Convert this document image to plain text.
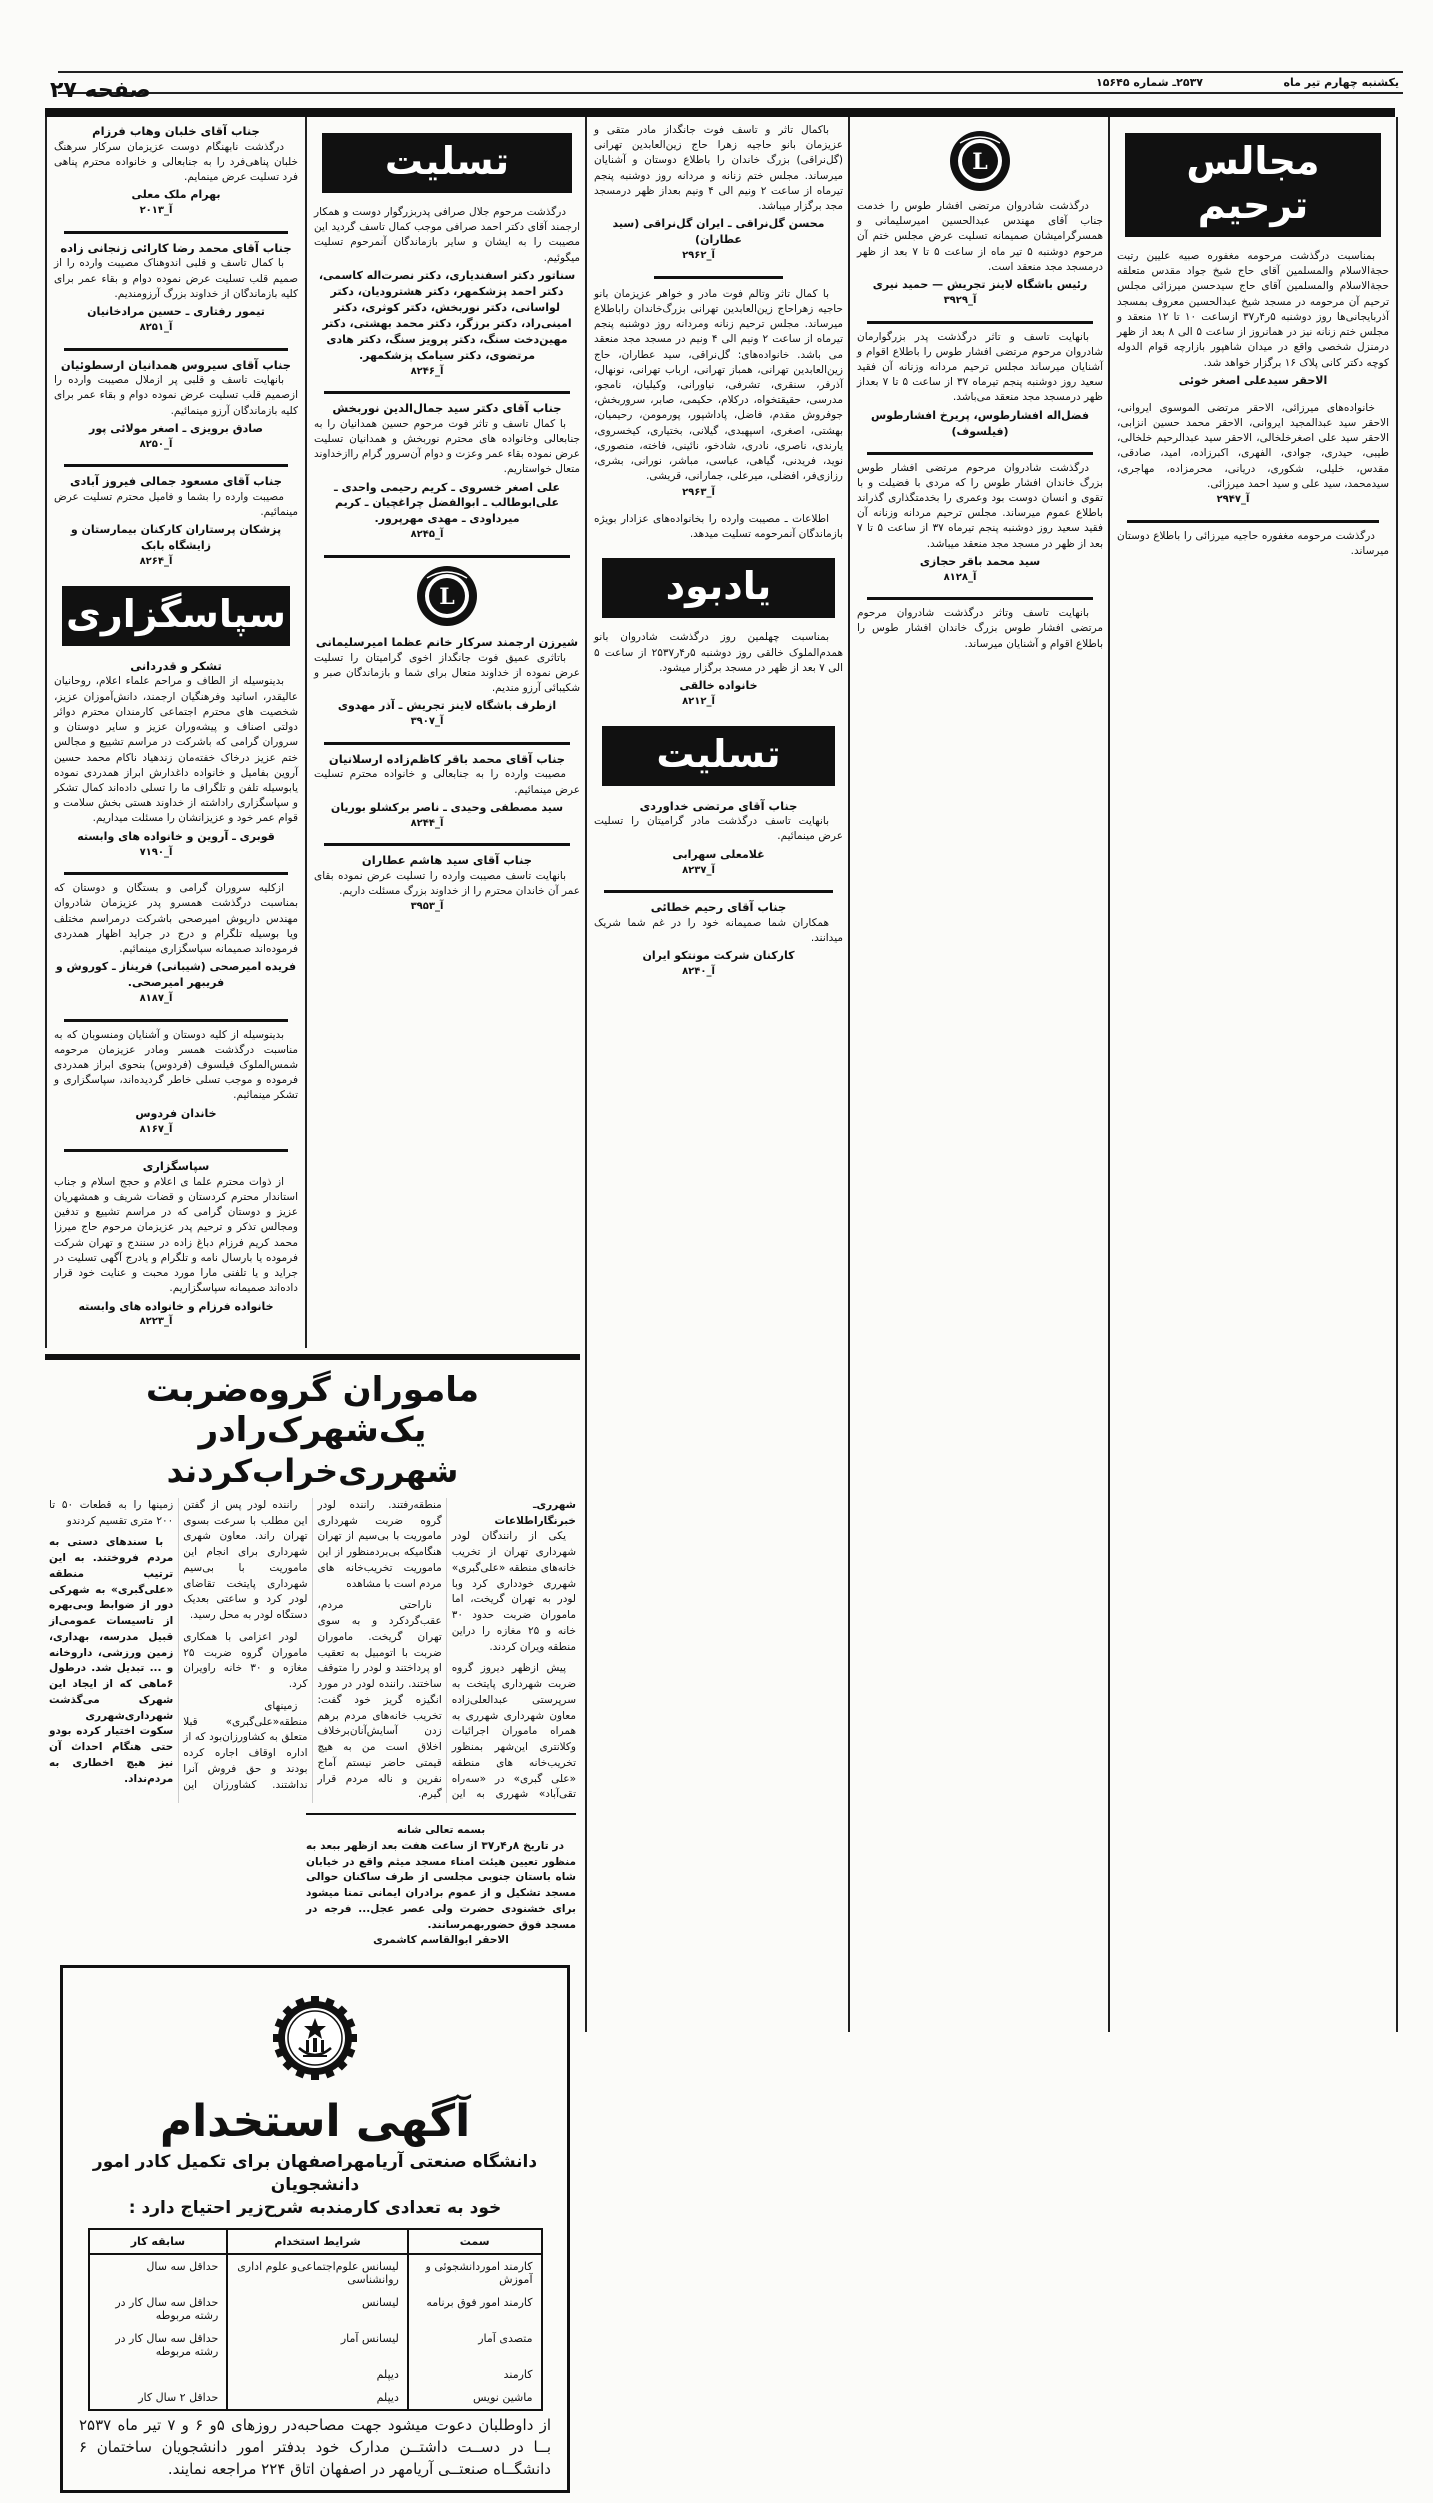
صفحه ۲۷	یکشنبه چهارم تیر ماه
۲۵۳۷ـ شماره ۱۵۶۴۵
مجالس ترحیم
بمناسبت درگذشت مرحومه مغفوره صبیه علیین رتبت حجةالاسلام والمسلمین آقای حاج شیخ جواد مقدس متعلقه حجةالاسلام والمسلمین آقای حاج سیدحسن میرزائی مجلس ترحیم آن مرحومه در مسجد شیخ عبدالحسین معروف بمسجد آذربایجانی‌ها روز دوشنبه ۵ر۴ر۳۷ ازساعت ۱۰ تا ۱۲ منعقد و مجلس ختم زنانه نیز در همانروز از ساعت ۵ الی ۸ بعد از ظهر درمنزل شخصی واقع در میدان شاهپور بازارچه قوام الدوله کوچه دکتر کانی پلاک ۱۶ برگزار خواهد شد.
الاحقر سیدعلی اصغر خوئی
خانواده‌های میرزائی، الاحقر مرتضی الموسوی ایروانی، الاحقر سید عبدالمجید ایروانی، الاحقر محمد حسین انزابی، الاحقر سید علی اصغرخلخالی، الاحقر سید عبدالرحیم خلخالی، طیبی، حیدری، جوادی، الفهری، اکبرزاده، امید، صادقی، مقدس، خلیلی، شکوری، دریانی، محرمزاده، مهاجری، سیدمحمد، سید علی و سید احمد میرزائی.
آ_۲۹۴۷
درگذشت مرحومه مغفوره حاجیه میرزائی را باطلاع دوستان میرساند.
L
درگذشت شادروان مرتضی افشار طوس را خدمت جناب آقای مهندس عبدالحسین امیرسلیمانی و همسرگرامیشان صمیمانه تسلیت عرض مجلس ختم آن مرحوم دوشنبه ۵ تیر ماه از ساعت ۵ تا ۷ بعد از ظهر درمسجد مجد منعقد است.
رئیس باشگاه لاینز تجریش — حمید نیری
آ_۳۹۲۹
بانهایت تاسف و تاثر درگذشت پدر بزرگوارمان شادروان مرحوم مرتضی افشار طوس را باطلاع اقوام و آشنایان میرساند مجلس ترحیم مردانه وزنانه آن فقید سعید روز دوشنبه پنجم تیرماه ۳۷ از ساعت ۵ تا ۷ بعداز ظهر درمسجد مجد منعقد می‌باشد.
فضل‌اله افشارطوس، پریرخ افشارطوس (فیلسوف)
درگذشت شادروان مرحوم مرتضی افشار طوس بزرگ خاندان افشار طوس را که مردی با فضیلت و با تقوی و انسان دوست بود وعمری را بخدمتگذاری گذراند باطلاع عموم میرساند. مجلس ترحیم مردانه وزنانه آن فقید سعید روز دوشنبه پنجم تیرماه ۳۷ از ساعت ۵ تا ۷ بعد از ظهر در مسجد مجد منعقد میباشد.
سید محمد باقر حجازی
آ_۸۱۲۸
بانهایت تاسف وتاثر درگذشت شادروان مرحوم مرتضی افشار طوس بزرگ خاندان افشار طوس را باطلاع اقوام و آشنایان میرساند.
باکمال تاثر و تاسف فوت جانگداز مادر متقی و عزیزمان بانو حاجیه زهرا حاج زین‌العابدین تهرانی (گل‌نراقی) بزرگ خاندان را باطلاع دوستان و آشنایان میرساند. مجلس ختم زنانه و مردانه روز دوشنبه پنجم تیرماه از ساعت ۲ ونیم الی ۴ ونیم بعداز ظهر درمسجد مجد برگزار میباشد.
محسن گل‌نراقی ـ ایران گل‌نراقی (سید عطاران)
آ_۲۹۶۲
با کمال تاثر وتالم فوت مادر و خواهر عزیزمان بانو حاجیه زهراحاج زین‌العابدین تهرانی بزرگ‌خاندان راباطلاع میرساند. مجلس ترحیم زنانه ومردانه روز دوشنبه پنجم تیرماه از ساعت ۲ ونیم الی ۴ ونیم در مسجد مجد منعقد می باشد. خانواده‌های: گل‌نراقی، سید عطاران، حاج زین‌العابدین تهرانی، همباز تهرانی، ارباب تهرانی، نونهال، آذرفر، سنقری، تشرفی، نیاورانی، وکیلیان، نامجو، مدرسی، حقیقتخواه، درکلام، حکیمی، صابر، سروربخش، جوفروش مقدم، فاضل، پاداشپور، پورمومن، رحیمیان، بهشتی، اصغری، اسپهبدی، گیلانی، بختیاری، کیخسروی، یارندی، ناصری، نادری، شادخو، نائینی، فاخته، منصوری، نوید، فریدنی، گیاهی، عباسی، مباشر، نورانی، بشری، رزازی‌فر، افضلی، میرعلی، جمارانی، قریشی.
آ_۲۹۶۳
اطلاعات ـ مصیبت وارده را بخانواده‌های عزادار بویژه بازماندگان آنمرحومه تسلیت میدهد.
یادبود
بمناسبت چهلمین روز درگذشت شادروان بانو همدم‌الملوک خالقی روز دوشنبه ۵ر۴ر۲۵۳۷ از ساعت ۵ الی ۷ بعد از ظهر در مسجد برگزار میشود.
خانواده خالقی
آ_۸۲۱۲
تسلیت
جناب آقای مرتضی خداوردی
بانهایت تاسف درگذشت مادر گرامیتان را تسلیت عرض مینمائیم.
غلامعلی سهرابی
آ_۸۲۳۷
جناب آقای رحیم خطائی
همکاران شما صمیمانه خود را در غم شما شریک میدانند.
کارکنان شرکت مونتکو ایران
آ_۸۲۴۰
تسلیت
درگذشت مرحوم جلال صرافی پدربزرگوار دوست و همکار ارجمند آقای دکتر احمد صرافی موجب کمال تاسف گردید این مصیبت را به ایشان و سایر بازماندگان آنمرحوم تسلیت میگوئیم.
سناتور دکتر اسفندیاری، دکتر نصرت‌اله کاسمی، دکتر احمد پزشکمهر، دکتر هشترودیان، دکتر لواسانی، دکتر نوربخش، دکتر کوثری، دکتر امینی‌راد، دکتر برزگر، دکتر محمد بهشتی، دکتر مهین‌دخت سنگ، دکتر پرویز سنگ، دکتر هادی مرتضوی، دکتر سیامک پزشکمهر.
آ_۸۲۴۶
جناب آقای دکتر سید جمال‌الدین نوربخش
با کمال تاسف و تاثر فوت مرحوم حسین همدانیان را به جنابعالی وخانواده های محترم نوربخش و همدانیان تسلیت عرض نموده بقاء عمر وعزت و دوام آن‌سرور گرام راازخداوند متعال خواستاریم.
علی اصغر خسروی ـ کریم رحیمی واحدی ـ علی‌ابوطالب ـ ابوالفضل چراغچیان ـ کریم میرداودی ـ مهدی مهرپرور.
آ_۸۲۴۵
L
شیرزن ارجمند سرکار خانم عظما امیرسلیمانی
باتاثری عمیق فوت جانگداز اخوی گرامیتان را تسلیت عرض نموده از خداوند متعال برای شما و بازماندگان صبر و شکیبائی آرزو مندیم.
ازطرف باشگاه لاینز تجریش ـ آذر مهدوی
آ_۳۹۰۷
جناب آقای محمد باقر کاظم‌زاده ارسلانیان
مصیبت وارده را به جنابعالی و خانواده محترم تسلیت عرض مینمائیم.
سید مصطفی وحیدی ـ ناصر برکشلو بوریان
آ_۸۲۴۴
جناب آقای سید هاشم عطاران
بانهایت تاسف مصیبت وارده را تسلیت عرض نموده بقای عمر آن خاندان محترم را از خداوند بزرگ مسئلت داریم.
آ_۳۹۵۳
جناب آقای خلبان وهاب فرزام
درگذشت نابهنگام دوست عزیزمان سرکار سرهنگ خلبان پناهی‌فرد را به جنابعالی و خانواده محترم پناهی فرد تسلیت عرض مینمایم.
بهرام ملک معلی
آ_۲۰۱۳
جناب آقای محمد رضا کارائی زنجانی زاده
با کمال تاسف و قلبی اندوهناک مصیبت وارده را از صمیم قلب تسلیت عرض نموده دوام و بقاء عمر برای کلیه بازماندگان از خداوند بزرگ آرزومندیم.
تیمور رفتاری ـ حسین مرادخانیان
آ_۸۲۵۱
جناب آقای سیروس همدانیان ارسطوئیان
بانهایت تاسف و قلبی پر ازملال مصیبت وارده را ازصمیم قلب تسلیت عرض نموده دوام و بقاء عمر برای کلیه بازماندگان آرزو مینمائیم.
صادق برویزی ـ اصغر مولائی پور
آ_۸۲۵۰
جناب آقای مسعود جمالی فیروز آبادی
مصیبت وارده را بشما و فامیل محترم تسلیت عرض مینمائیم.
پزشکان پرستاران کارکنان بیمارستان و زایشگاه بابک
آ_۸۲۶۴
سپاسگزاری
تشکر و قدردانی
بدینوسیله از الطاف و مراحم علماء اعلام، روحانیان عالیقدر، اساتید وفرهنگیان ارجمند، دانش‌آموزان عزیز، شخصیت های محترم اجتماعی کارمندان محترم دوائر دولتی اصناف و پیشه‌وران عزیز و سایر دوستان و سروران گرامی که باشرکت در مراسم تشییع و مجالس ختم عزیز درخاک خفته‌مان زندهیاد ناکام محمد حسین آروین بفامیل و خانواده داغدارش ابراز همدردی نموده یابوسیله تلفن و تلگراف ما را تسلی داده‌اند کمال تشکر و سپاسگزاری راداشته از خداوند هستی بخش سلامت و قوام عمر خود و عزیزانشان را مسئلت میداریم.
قوبری ـ آروین و خانواده های وابسته
آ_۷۱۹۰
ازکلیه سروران گرامی و بستگان و دوستان که بمناسبت درگذشت همسرو پدر عزیزمان شادروان مهندس داریوش امیرصحی باشرکت درمراسم مختلف ویا بوسیله تلگرام و درج در جراید اظهار همدردی فرموده‌اند صمیمانه سپاسگزاری مینمائیم.
فریده امیرصحی (شیبانی) فریناز ـ کوروش و فریبهر امیرصحی.
آ_۸۱۸۷
بدینوسیله از کلیه دوستان و آشنایان ومنسوبان که به مناسبت درگذشت همسر ومادر عزیزمان مرحومه شمس‌الملوک فیلسوف (فردوس) بنحوی ابراز همدردی فرموده و موجب تسلی خاطر گردیده‌اند، سپاسگزاری و تشکر مینمائیم.
خاندان فردوس
آ_۸۱۶۷
سپاسگزاری
از ذوات محترم علما ی اعلام و حجج اسلام و جناب استاندار محترم کردستان و قضات شریف و همشهریان عزیز و دوستان گرامی که در مراسم تشییع و تدفین ومجالس تذکر و ترحیم پدر عزیزمان مرحوم حاج میرزا محمد کریم فرزام دباغ زاده در سنندج و تهران شرکت فرموده یا بارسال نامه و تلگرام و یادرج آگهی تسلیت در جراید و یا تلفنی مارا مورد محبت و عنایت خود قرار داده‌اند صمیمانه سپاسگزاریم.
خانواده فرزام و خانواده های وابسته
آ_۸۲۲۳
ماموران گروه‌ضربت یک‌شهرک‌رادر
شهرری‌خراب‌کردند
شهرری‌ـ خبرنگاراطلاعات

یکی از رانندگان لودر شهرداری تهران از تخریب خانه‌های منطقه «علی‌گبری» شهرری خودداری کرد وبا لودر به تهران گریخت، اما ماموران ضربت حدود ۳۰ خانه و ۲۵ مغازه را دراین منطقه ویران کردند.

پیش ازظهر دیروز گروه ضربت شهرداری پایتخت به سرپرستی عبدالعلی‌زاده معاون شهرداری شهرری به همراه ماموران اجرائیات وکلانتری این‌شهر بمنظور تخریب‌خانه های منطقه «علی گبری» در «سه‌راه تقی‌آباد» شهرری به این منطقه‌رفتند. راننده لودر گروه ضربت شهرداری ماموریت با بی‌سیم از تهران هنگامیکه بی‌بردمنظور از این ماموریت تخریب‌خانه های مردم است با مشاهده

ناراحتی مردم، عقب‌گردکرد و به سوی تهران گریخت. ماموران ضربت با اتومبیل به تعقیب او پرداختند و لودر را متوقف ساختند. راننده لودر در مورد انگیزه گریز خود گفت: تخریب خانه‌های مردم برهم زدن آسایش‌آنان‌برخلاف اخلاق است من به هیچ قیمتی حاضر نیستم آماج نفرین و ناله مردم قرار گیرم.

راننده لودر پس از گفتن این مطلب با سرعت بسوی تهران راند. معاون شهری شهرداری برای انجام این ماموریت با بی‌سیم شهرداری پایتخت تقاضای لودر کرد و ساعتی بعدیک دستگاه لودر به محل رسید.

لودر اعزامی با همکاری ماموران گروه ضربت ۲۵ مغازه و ۳۰ خانه راویران کرد.

زمینهای منطقه«علی‌گبری» قبلا متعلق به کشاورزان‌بود که از اداره اوقاف اجاره کرده بودند و حق فروش آنرا نداشتند. کشاورزان این زمینها را به قطعات ۵۰ تا ۲۰۰ متری تقسیم کردندو

با سندهای دستی به مردم فروختند. به این ترتیب منطقه «علی‌گبری» به شهرکی دور از ضوابط وبی‌بهره از تاسیسات عمومی‌از قبیل مدرسه، بهداری، زمین ورزشی، داروخانه و ... تبدیل شد. درطول ۶ماهی که از ایجاد این شهرک می‌گذشت شهرداری‌شهرری سکوت اختیار کرده بودو حتی هنگام احداث آن نیز هیچ اخطاری به مردم‌نداد.

بسمه تعالی شانه
در تاریخ ۸ر۴ر۳۷ از ساعت هفت بعد ازظهر ببعد به منظور تعیین هیئت امناء مسجد میثم واقع در خیابان شاه باستان جنوبی مجلسی از طرف ساکنان حوالی مسجد تشکیل و از عموم برادران ایمانی تمنا میشود برای خشنودی حضرت ولی عصر عجل... فرجه در مسجد فوق حضوربهمرسانند.
الاحقر ابوالقاسم کاشمری
آگهی استخدام
دانشگاه صنعتی آریامهراصفهان برای تکمیل کادر امور دانشجویان
خود به تعدادی کارمندبه شرح‌زیر احتیاج دارد :
سمت	شرایط استخدام	سابقه کار
کارمند اموردانشجوئی و آموزش	لیسانس علوم‌اجتماعی‌و علوم اداری روانشناسی	حداقل سه سال
کارمند امور فوق برنامه	لیسانس	حداقل سه سال کار در رشته مربوطه
متصدی آمار	لیسانس آمار	حداقل سه سال کار در رشته مربوطه
کارمند	دیپلم	
ماشین نویس	دیپلم	حداقل ۲ سال کار
از داوطلبان دعوت میشود جهت مصاحبه‌در روزهای ۵و ۶ و ۷ تیر ماه ۲۵۳۷ بــا در دســت داشتــن مدارک خود بدفتر امور دانشجویان ساختمان ۶ دانشگــاه صنعتــی آریامهر در اصفهان اتاق ۲۲۴ مراجعه نمایند.
